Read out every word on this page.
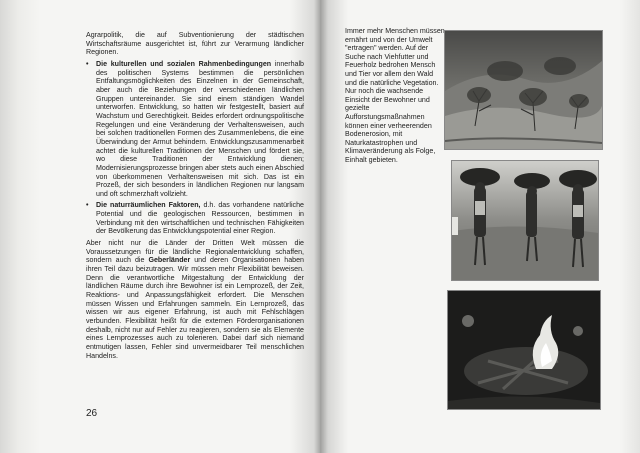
Agrarpolitik, die auf Subventionierung der städtischen Wirtschaftsräume ausgerichtet ist, führt zur Verarmung ländlicher Regionen.

• Die kulturellen und sozialen Rahmenbedingungen innerhalb des politischen Systems bestimmen die persönlichen Entfaltungsmöglichkeiten des Einzelnen in der Gemeinschaft, aber auch die Beziehungen der verschiedenen ländlichen Gruppen untereinander. Sie sind einem ständigen Wandel unterworfen. Entwicklung, so hatten wir festgestellt, basiert auf Wachstum und Gerechtigkeit. Beides erfordert ordnungspolitische Regelungen und eine Veränderung der Verhaltensweisen, auch bei solchen traditionellen Formen des Zusammenlebens, die eine Überwindung der Armut behindern. Entwicklungszusammenarbeit achtet die kulturellen Traditionen der Menschen und fördert sie, wo diese Traditionen der Entwicklung dienen; Modernisierungsprozesse bringen aber stets auch einen Abschied von überkommenen Verhaltensweisen mit sich. Das ist ein Prozeß, der sich besonders in ländlichen Regionen nur langsam und oft schmerzhaft vollzieht.

• Die naturräumlichen Faktoren, d.h. das vorhandene natürliche Potential und die geologischen Ressourcen, bestimmen in Verbindung mit den wirtschaftlichen und technischen Fähigkeiten der Bevölkerung das Entwicklungspotential einer Region.

Aber nicht nur die Länder der Dritten Welt müssen die Voraussetzungen für die ländliche Regionalentwicklung schaffen, sondern auch die Geberländer und deren Organisationen haben ihren Teil dazu beizutragen. Wir müssen mehr Flexibilität beweisen. Denn die verantwortliche Mitgestaltung der Entwicklung der ländlichen Räume durch ihre Bewohner ist ein Lernprozeß, der Zeit, Reaktions- und Anpassungsfähigkeit erfordert. Die Menschen müssen Wissen und Erfahrungen sammeln. Ein Lernprozeß, das wissen wir aus eigener Erfahrung, ist auch mit Fehlschlägen verbunden. Flexibilität heißt für die externen Förderorganisationen deshalb, nicht nur auf Fehler zu reagieren, sondern sie als Elemente eines Lernprozesses auch zu tolerieren. Dabei darf sich niemand entmutigen lassen, Fehler sind unvermeidbarer Teil menschlichen Handelns.

26

Immer mehr Menschen müssen ernährt und von der Umwelt "ertragen" werden. Auf der Suche nach Viehfutter und Feuerholz bedrohen Mensch und Tier vor allem den Wald und die natürliche Vegetation. Nur noch die wachsende Einsicht der Bewohner und gezielte Aufforstungsmaßnahmen können einer verheerenden Bodenerosion, mit Naturkatastrophen und Klimaveränderung als Folge, Einhalt gebieten.
